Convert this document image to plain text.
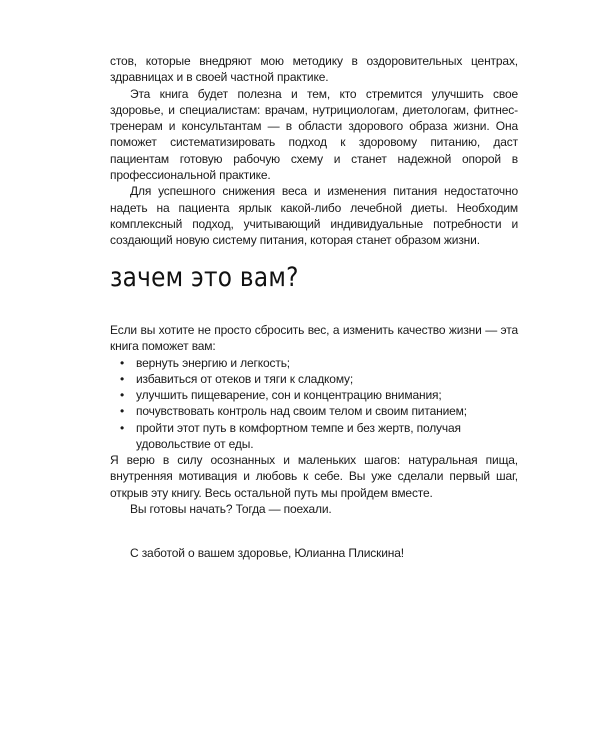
стов, которые внедряют мою методику в оздоровительных центрах, здравницах и в своей частной практике.

Эта книга будет полезна и тем, кто стремится улучшить свое здоровье, и специалистам: врачам, нутрициологам, диетологам, фитнес-тренерам и консультантам — в области здорового образа жизни. Она поможет систематизировать подход к здоровому питанию, даст пациентам готовую рабочую схему и станет надежной опорой в профессиональной практике.

Для успешного снижения веса и изменения питания недостаточно надеть на пациента ярлык какой-либо лечебной диеты. Необходим комплексный подход, учитывающий индивидуальные потребности и создающий новую систему питания, которая станет образом жизни.

зачем это вам?

Если вы хотите не просто сбросить вес, а изменить качество жизни — эта книга поможет вам:

• вернуть энергию и легкость;
• избавиться от отеков и тяги к сладкому;
• улучшить пищеварение, сон и концентрацию внимания;
• почувствовать контроль над своим телом и своим питанием;
• пройти этот путь в комфортном темпе и без жертв, получая удовольствие от еды.

Я верю в силу осознанных и маленьких шагов: натуральная пища, внутренняя мотивация и любовь к себе. Вы уже сделали первый шаг, открыв эту книгу. Весь остальной путь мы пройдем вместе.

Вы готовы начать? Тогда — поехали.

С заботой о вашем здоровье, Юлианна Плискина!
